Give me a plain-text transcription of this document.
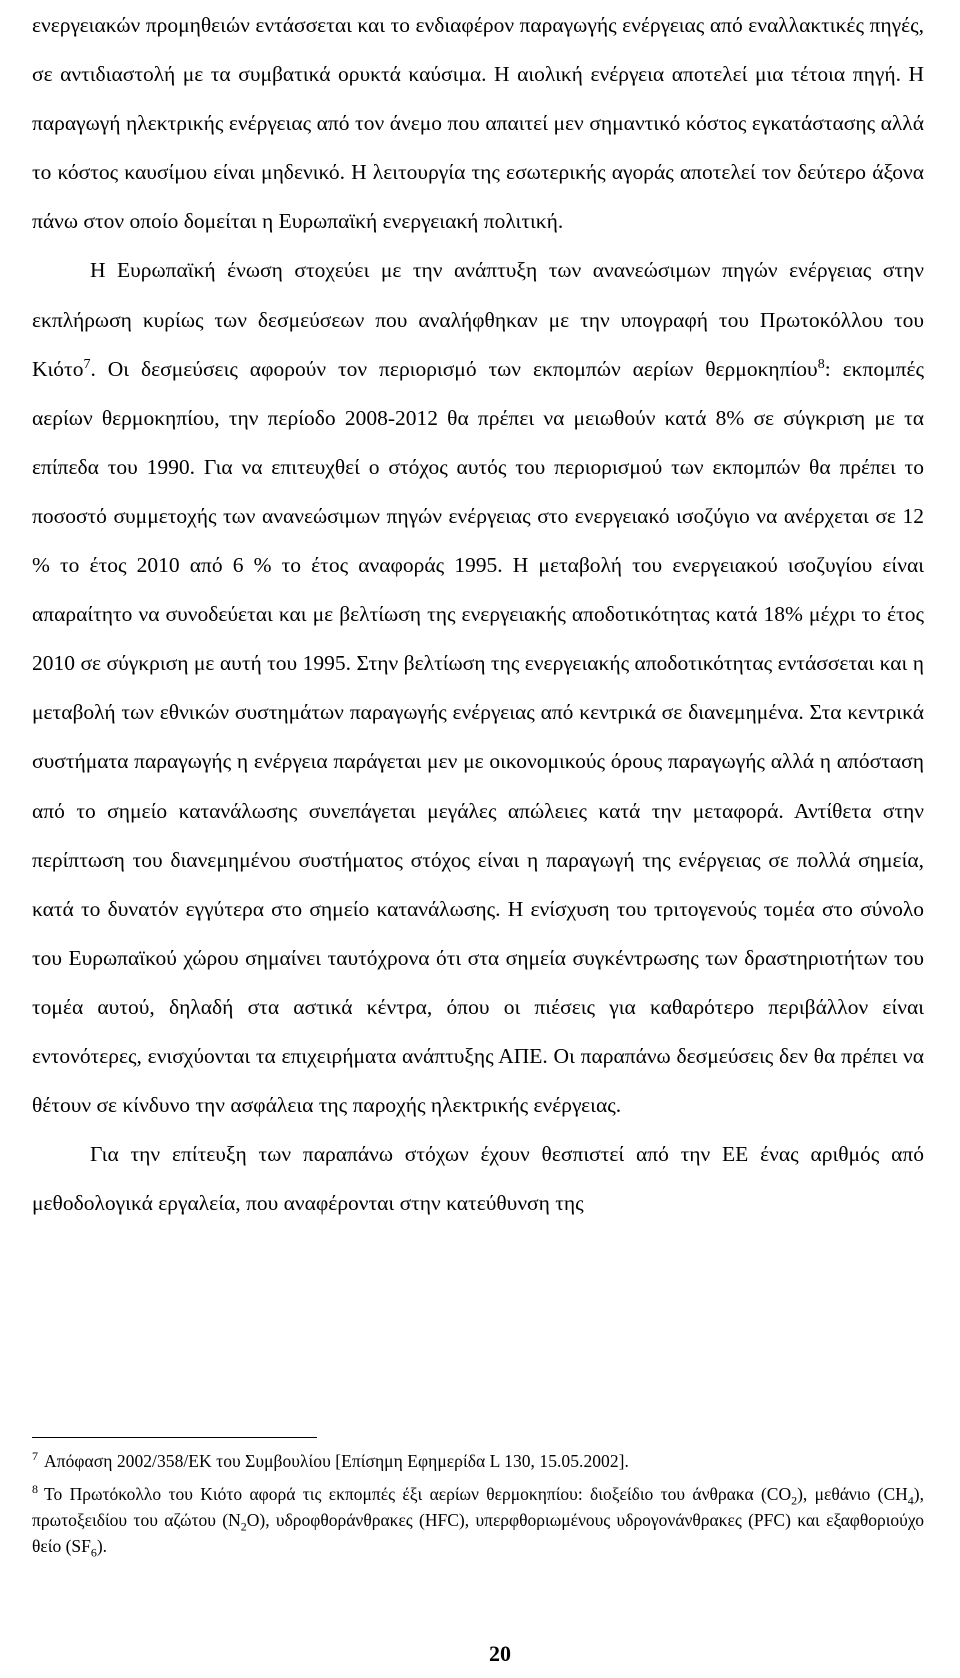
ενεργειακών προμηθειών εντάσσεται και το ενδιαφέρον παραγωγής ενέργειας από εναλλακτικές πηγές, σε αντιδιαστολή με τα συμβατικά ορυκτά καύσιμα. Η αιολική ενέργεια αποτελεί μια τέτοια πηγή. Η παραγωγή ηλεκτρικής ενέργειας από τον άνεμο που απαιτεί μεν σημαντικό κόστος εγκατάστασης αλλά το κόστος καυσίμου είναι μηδενικό. Η λειτουργία της εσωτερικής αγοράς αποτελεί τον δεύτερο άξονα πάνω στον οποίο δομείται η Ευρωπαϊκή ενεργειακή πολιτική.

Η Ευρωπαϊκή ένωση στοχεύει με την ανάπτυξη των ανανεώσιμων πηγών ενέργειας στην εκπλήρωση κυρίως των δεσμεύσεων που αναλήφθηκαν με την υπογραφή του Πρωτοκόλλου του Κιότο$^7$. Οι δεσμεύσεις αφορούν τον περιορισμό των εκπομπών αερίων θερμοκηπίου$^8$: εκπομπές αερίων θερμοκηπίου, την περίοδο 2008-2012 θα πρέπει να μειωθούν κατά 8% σε σύγκριση με τα επίπεδα του 1990. Για να επιτευχθεί ο στόχος αυτός του περιορισμού των εκπομπών θα πρέπει το ποσοστό συμμετοχής των ανανεώσιμων πηγών ενέργειας στο ενεργειακό ισοζύγιο να ανέρχεται σε 12 % το έτος 2010 από 6 % το έτος αναφοράς 1995. Η μεταβολή του ενεργειακού ισοζυγίου είναι απαραίτητο να συνοδεύεται και με βελτίωση της ενεργειακής αποδοτικότητας κατά 18% μέχρι το έτος 2010 σε σύγκριση με αυτή του 1995. Στην βελτίωση της ενεργειακής αποδοτικότητας εντάσσεται και η μεταβολή των εθνικών συστημάτων παραγωγής ενέργειας από κεντρικά σε διανεμημένα. Στα κεντρικά συστήματα παραγωγής η ενέργεια παράγεται μεν με οικονομικούς όρους παραγωγής αλλά η απόσταση από το σημείο κατανάλωσης συνεπάγεται μεγάλες απώλειες κατά την μεταφορά. Αντίθετα στην περίπτωση του διανεμημένου συστήματος στόχος είναι η παραγωγή της ενέργειας σε πολλά σημεία, κατά το δυνατόν εγγύτερα στο σημείο κατανάλωσης. Η ενίσχυση του τριτογενούς τομέα στο σύνολο του Ευρωπαϊκού χώρου σημαίνει ταυτόχρονα ότι στα σημεία συγκέντρωσης των δραστηριοτήτων του τομέα αυτού, δηλαδή στα αστικά κέντρα, όπου οι πιέσεις για καθαρότερο περιβάλλον είναι εντονότερες, ενισχύονται τα επιχειρήματα ανάπτυξης ΑΠΕ. Οι παραπάνω δεσμεύσεις δεν θα πρέπει να θέτουν σε κίνδυνο την ασφάλεια της παροχής ηλεκτρικής ενέργειας.

Για την επίτευξη των παραπάνω στόχων έχουν θεσπιστεί από την ΕΕ ένας αριθμός από μεθοδολογικά εργαλεία, που αναφέρονται στην κατεύθυνση της

$^7$ Απόφαση 2002/358/ΕΚ του Συμβουλίου [Επίσημη Εφημερίδα L 130, 15.05.2002].

$^8$ Το Πρωτόκολλο του Κιότο αφορά τις εκπομπές έξι αερίων θερμοκηπίου: διοξείδιο του άνθρακα $(CO_2)$, μεθάνιο $(CH_4)$, πρωτοξειδίου του αζώτου $(N_2O)$, υδροφθοράνθρακες (HFC), υπερφθοριωμένους υδρογονάνθρακες (PFC) και εξαφθοριούχο θείο $(SF_6)$.

20
